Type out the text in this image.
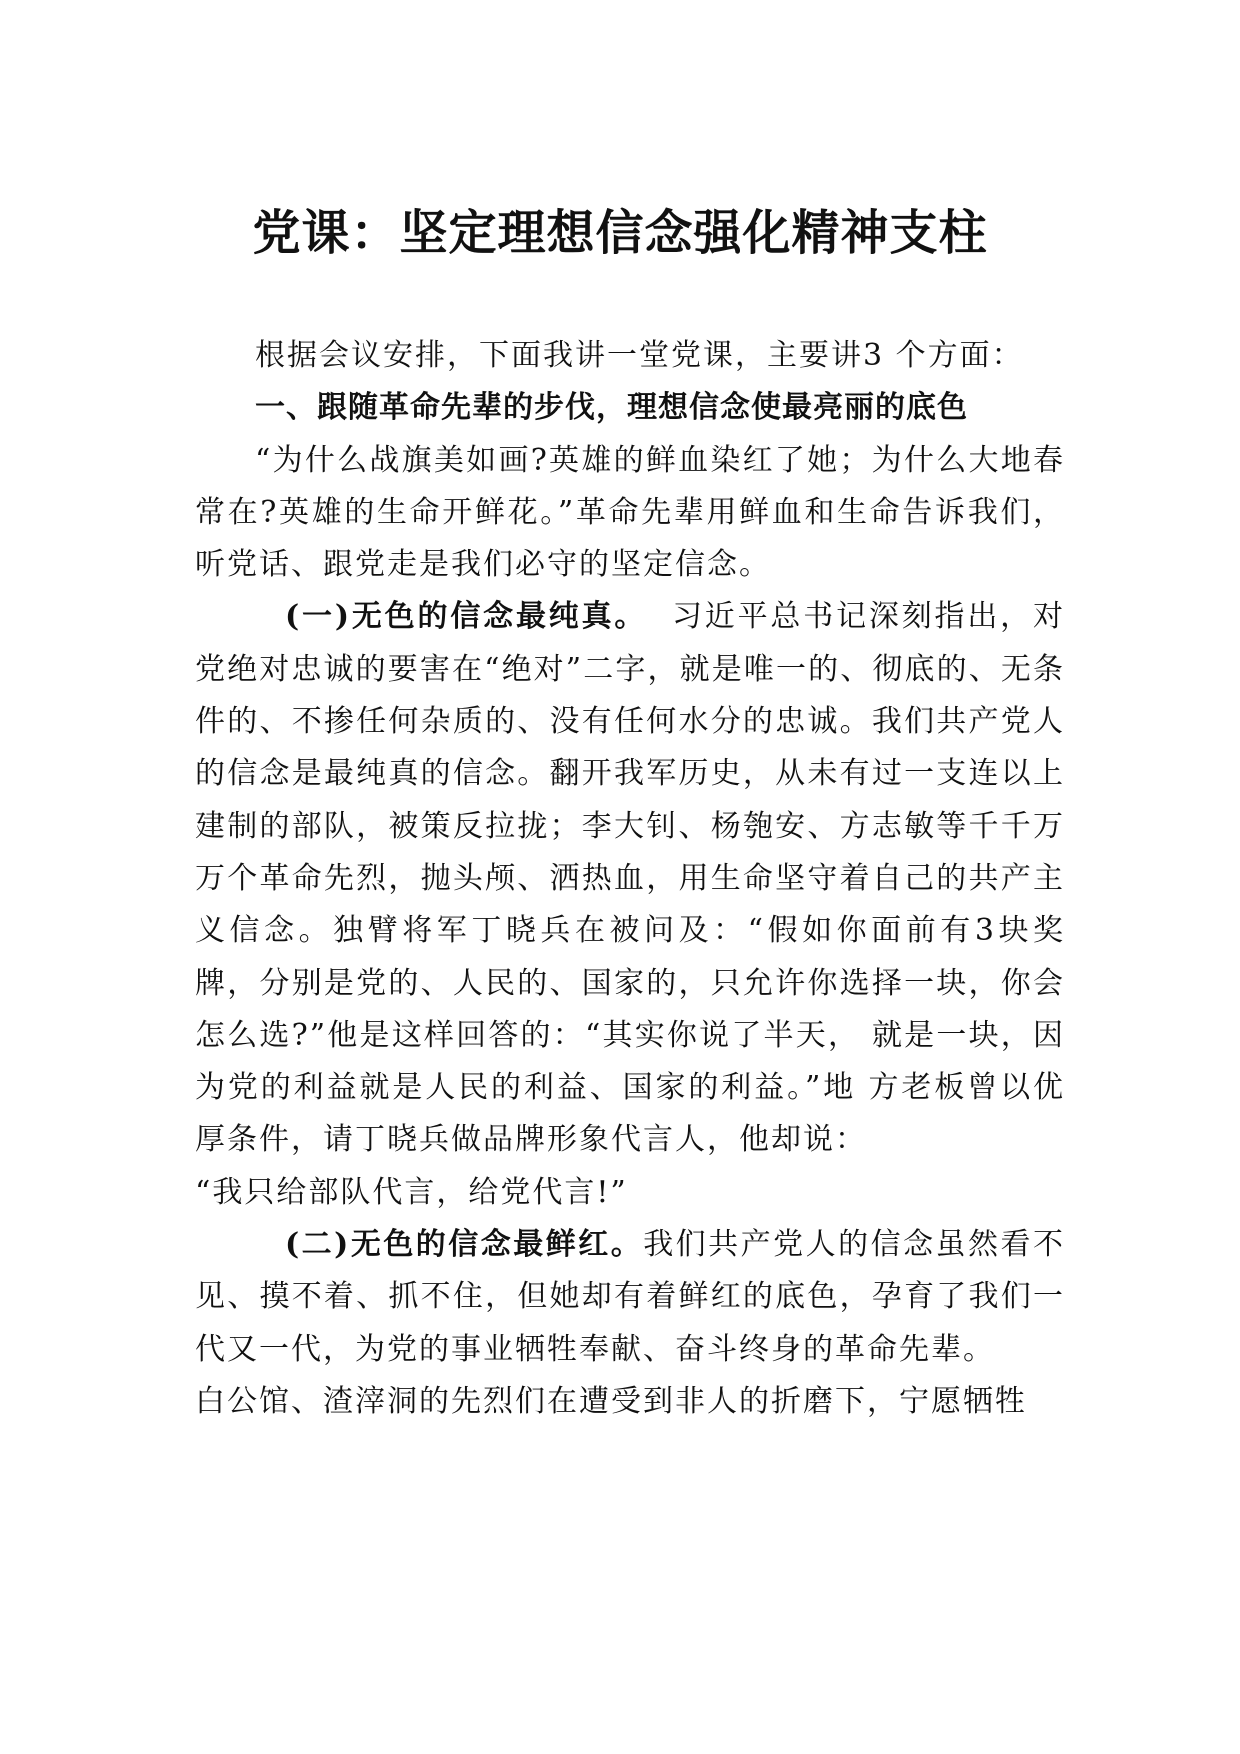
党课：坚定理想信念强化精神支柱

根据会议安排，下面我讲一堂党课，主要讲3 个方面：

一、跟随革命先辈的步伐，理想信念使最亮丽的底色

“为什么战旗美如画?英雄的鲜血染红了她；为什么大地春常在?英雄的生命开鲜花。”革命先辈用鲜血和生命告诉我们，听党话、跟党走是我们必守的坚定信念。

(一)无色的信念最纯真。 习近平总书记深刻指出，对党绝对忠诚的要害在“绝对”二字，就是唯一的、彻底的、无条件的、不掺任何杂质的、没有任何水分的忠诚。我们共产党人的信念是最纯真的信念。翻开我军历史，从未有过一支连以上建制的部队，被策反拉拢；李大钊、杨匏安、方志敏等千千万万个革命先烈，抛头颅、洒热血，用生命坚守着自己的共产主义信念。独臂将军丁晓兵在被问及：“假如你面前有3块奖牌，分别是党的、人民的、国家的，只允许你选择一块，你会怎么选?”他是这样回答的：“其实你说了半天， 就是一块，因为党的利益就是人民的利益、国家的利益。”地 方老板曾以优厚条件，请丁晓兵做品牌形象代言人，他却说：

“我只给部队代言，给党代言!”

(二)无色的信念最鲜红。我们共产党人的信念虽然看不见、摸不着、抓不住，但她却有着鲜红的底色，孕育了我们一代又一代，为党的事业牺牲奉献、奋斗终身的革命先辈。

白公馆、渣滓洞的先烈们在遭受到非人的折磨下，宁愿牺牲
